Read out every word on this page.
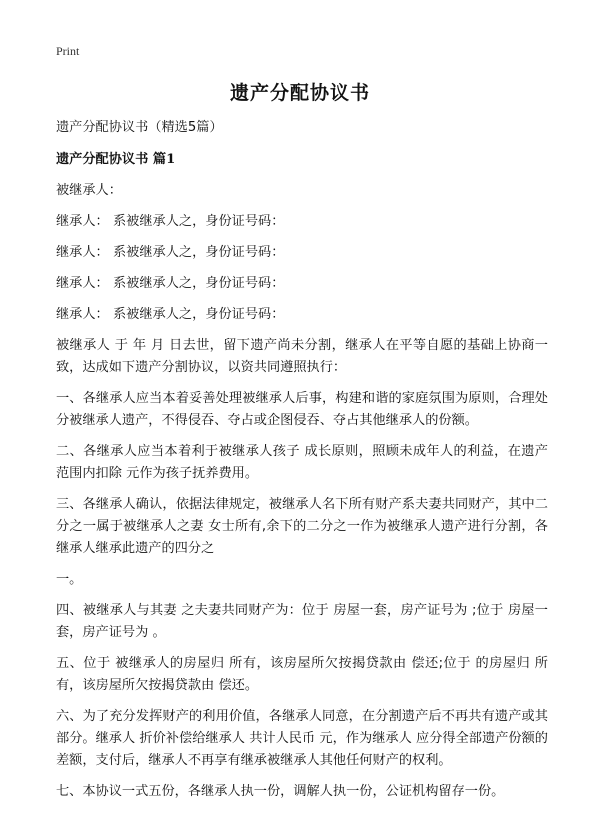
Print
遗产分配协议书

遗产分配协议书（精选5篇）

遗产分配协议书 篇1

被继承人：

继承人： 系被继承人之，身份证号码：

继承人： 系被继承人之，身份证号码：

继承人： 系被继承人之，身份证号码：

继承人： 系被继承人之，身份证号码：

被继承人 于 年 月 日去世，留下遗产尚未分割，继承人在平等自愿的基础上协商一致，达成如下遗产分割协议，以资共同遵照执行：

一、各继承人应当本着妥善处理被继承人后事，构建和谐的家庭氛围为原则，合理处分被继承人遗产，不得侵吞、夺占或企图侵吞、夺占其他继承人的份额。

二、各继承人应当本着利于被继承人孩子 成长原则，照顾未成年人的利益，在遗产范围内扣除 元作为孩子抚养费用。

三、各继承人确认，依据法律规定，被继承人名下所有财产系夫妻共同财产，其中二分之一属于被继承人之妻 女士所有,余下的二分之一作为被继承人遗产进行分割，各继承人继承此遗产的四分之

一。

四、被继承人与其妻 之夫妻共同财产为：位于 房屋一套，房产证号为 ;位于 房屋一套，房产证号为 。

五、位于 被继承人的房屋归 所有，该房屋所欠按揭贷款由 偿还;位于 的房屋归 所有，该房屋所欠按揭贷款由 偿还。

六、为了充分发挥财产的利用价值，各继承人同意，在分割遗产后不再共有遗产或其部分。继承人 折价补偿给继承人 共计人民币 元，作为继承人 应分得全部遗产份额的差额，支付后，继承人不再享有继承被继承人其他任何财产的权利。

七、本协议一式五份，各继承人执一份，调解人执一份，公证机构留存一份。
